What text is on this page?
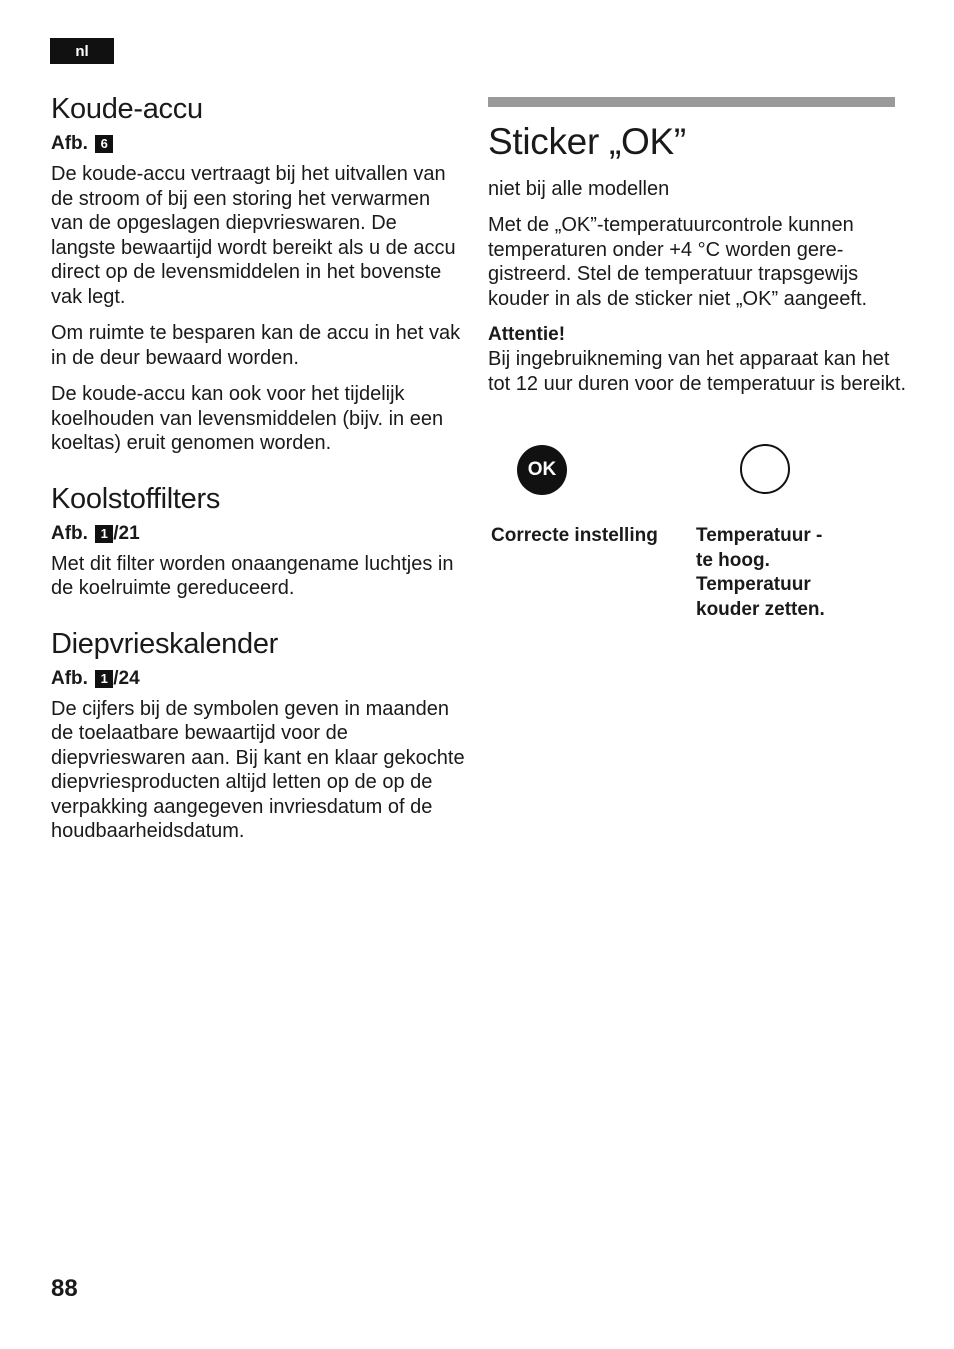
nl
Koude-accu
Afb. 6

De koude-accu vertraagt bij het uitvallen van de stroom of bij een storing het verwarmen van de opgeslagen diepvrieswaren. De langste bewaartijd wordt bereikt als u de accu direct op de levensmiddelen in het bovenste vak legt.

Om ruimte te besparen kan de accu in het vak in de deur bewaard worden.

De koude-accu kan ook voor het tijdelijk koelhouden van levensmiddelen (bijv. in een koeltas) eruit genomen worden.

Koolstoffilters
Afb. 1 /21

Met dit filter worden onaangename luchtjes in de koelruimte gereduceerd.

Diepvrieskalender
Afb. 1 /24

De cijfers bij de symbolen geven in maanden de toelaatbare bewaartijd voor de diepvrieswaren aan. Bij kant en klaar gekochte diepvriesproducten altijd letten op de op de verpakking aangegeven invriesdatum of de houdbaarheidsdatum.

Sticker „OK”
niet bij alle modellen

Met de „OK”-temperatuurcontrole kunnen temperaturen onder +4 °C worden geregistreerd. Stel de temperatuur trapsgewijs kouder in als de sticker niet „OK” aangeeft.

Attentie!

Bij ingebruikneming van het apparaat kan het tot 12 uur duren voor de temperatuur is bereikt.

OK
Correcte instelling	Temperatuur -
te hoog.
Temperatuur
kouder zetten.
88
